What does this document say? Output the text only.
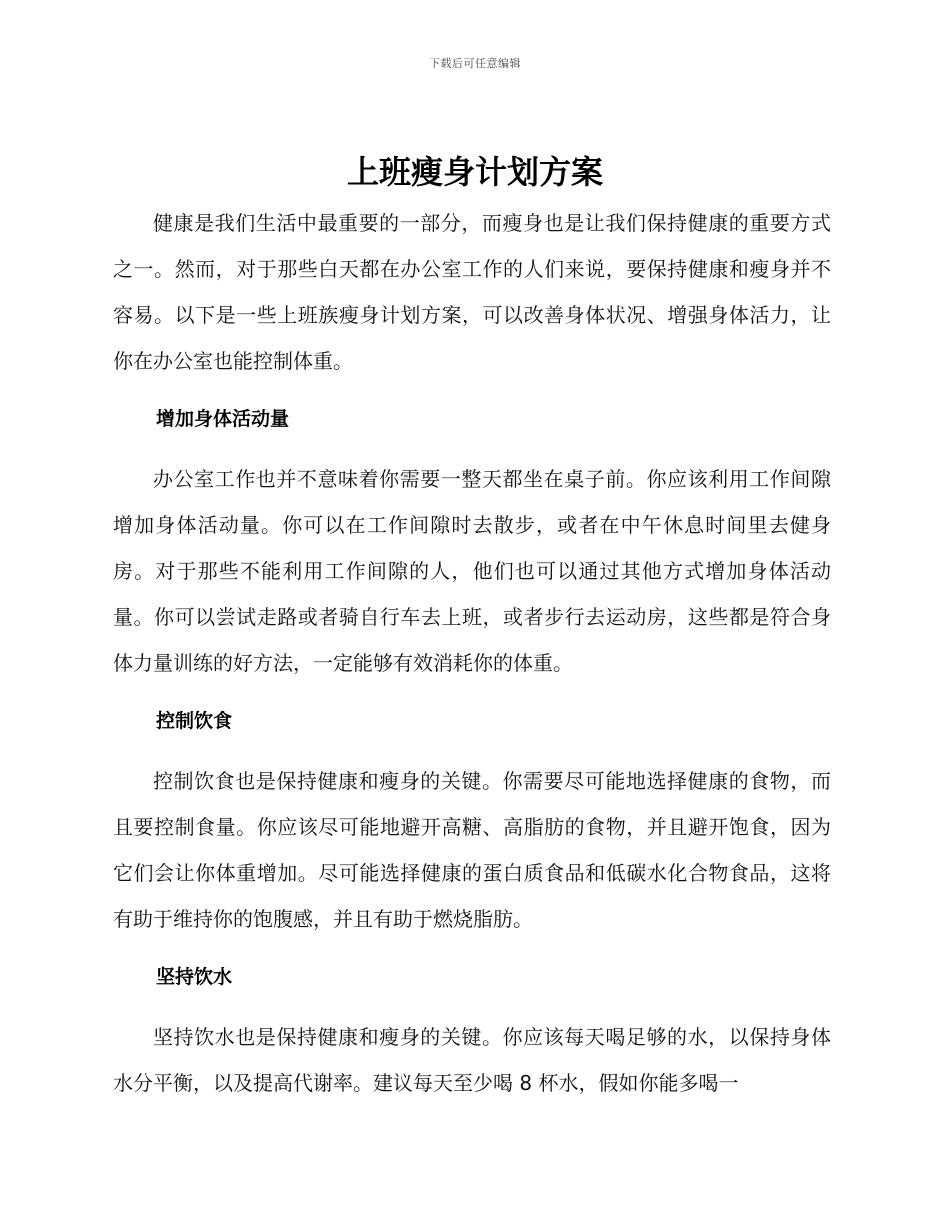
下载后可任意编辑
上班瘦身计划方案

健康是我们生活中最重要的一部分，而瘦身也是让我们保持健康的重要方式之一。然而，对于那些白天都在办公室工作的人们来说，要保持健康和瘦身并不容易。以下是一些上班族瘦身计划方案，可以改善身体状况、增强身体活力，让你在办公室也能控制体重。

增加身体活动量

办公室工作也并不意味着你需要一整天都坐在桌子前。你应该利用工作间隙增加身体活动量。你可以在工作间隙时去散步，或者在中午休息时间里去健身房。对于那些不能利用工作间隙的人，他们也可以通过其他方式增加身体活动量。你可以尝试走路或者骑自行车去上班，或者步行去运动房，这些都是符合身体力量训练的好方法，一定能够有效消耗你的体重。

控制饮食

控制饮食也是保持健康和瘦身的关键。你需要尽可能地选择健康的食物，而且要控制食量。你应该尽可能地避开高糖、高脂肪的食物，并且避开饱食，因为它们会让你体重增加。尽可能选择健康的蛋白质食品和低碳水化合物食品，这将有助于维持你的饱腹感，并且有助于燃烧脂肪。

坚持饮水

坚持饮水也是保持健康和瘦身的关键。你应该每天喝足够的水，以保持身体水分平衡，以及提高代谢率。建议每天至少喝 8 杯水，假如你能多喝一
